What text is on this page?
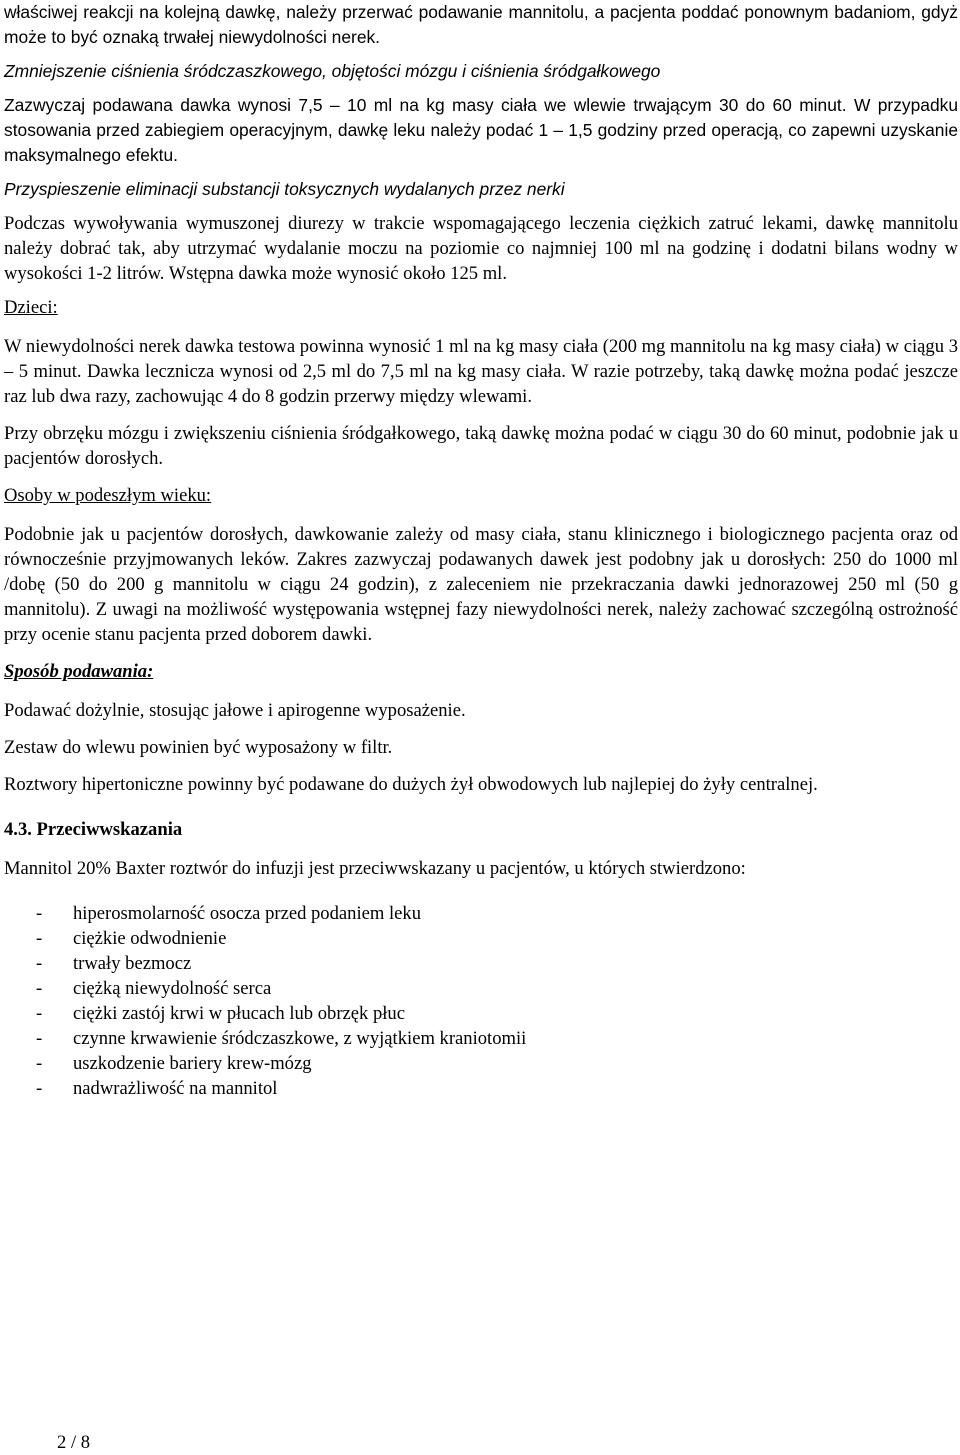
właściwej reakcji na kolejną dawkę, należy przerwać podawanie mannitolu, a pacjenta poddać ponownym badaniom, gdyż może to być oznaką trwałej niewydolności nerek.

Zmniejszenie ciśnienia śródczaszkowego, objętości mózgu i ciśnienia śródgałkowego

Zazwyczaj podawana dawka wynosi 7,5 – 10 ml na kg masy ciała we wlewie trwającym 30 do 60 minut. W przypadku stosowania przed zabiegiem operacyjnym, dawkę leku należy podać 1 – 1,5 godziny przed operacją, co zapewni uzyskanie maksymalnego efektu.

Przyspieszenie eliminacji substancji toksycznych wydalanych przez nerki

Podczas wywoływania wymuszonej diurezy w trakcie wspomagającego leczenia ciężkich zatruć lekami, dawkę mannitolu należy dobrać tak, aby utrzymać wydalanie moczu na poziomie co najmniej 100 ml na godzinę i dodatni bilans wodny w wysokości 1-2 litrów. Wstępna dawka może wynosić około 125 ml.

Dzieci:

W niewydolności nerek dawka testowa powinna wynosić 1 ml na kg masy ciała (200 mg mannitolu na kg masy ciała) w ciągu 3 – 5 minut. Dawka lecznicza wynosi od 2,5 ml do 7,5 ml na kg masy ciała. W razie potrzeby, taką dawkę można podać jeszcze raz lub dwa razy, zachowując 4 do 8 godzin przerwy między wlewami.

Przy obrzęku mózgu i zwiększeniu ciśnienia śródgałkowego, taką dawkę można podać w ciągu 30 do 60 minut, podobnie jak u pacjentów dorosłych.

Osoby w podeszłym wieku:

Podobnie jak u pacjentów dorosłych, dawkowanie zależy od masy ciała, stanu klinicznego i biologicznego pacjenta oraz od równocześnie przyjmowanych leków. Zakres zazwyczaj podawanych dawek jest podobny jak u dorosłych: 250 do 1000 ml /dobę (50 do 200 g mannitolu w ciągu 24 godzin), z zaleceniem nie przekraczania dawki jednorazowej 250 ml (50 g mannitolu). Z uwagi na możliwość występowania wstępnej fazy niewydolności nerek, należy zachować szczególną ostrożność przy ocenie stanu pacjenta przed doborem dawki.

Sposób podawania:

Podawać dożylnie, stosując jałowe i apirogenne wyposażenie.

Zestaw do wlewu powinien być wyposażony w filtr.

Roztwory hipertoniczne powinny być podawane do dużych żył obwodowych lub najlepiej do żyły centralnej.

4.3. Przeciwwskazania

Mannitol 20% Baxter roztwór do infuzji jest przeciwwskazany u pacjentów, u których stwierdzono:

-	hiperosmolarność osocza przed podaniem leku
-	ciężkie odwodnienie
-	trwały bezmocz
-	ciężką niewydolność serca
-	ciężki zastój krwi w płucach lub obrzęk płuc
-	czynne krwawienie śródczaszkowe, z wyjątkiem kraniotomii
-	uszkodzenie bariery krew-mózg
-	nadwrażliwość na mannitol
2 / 8
